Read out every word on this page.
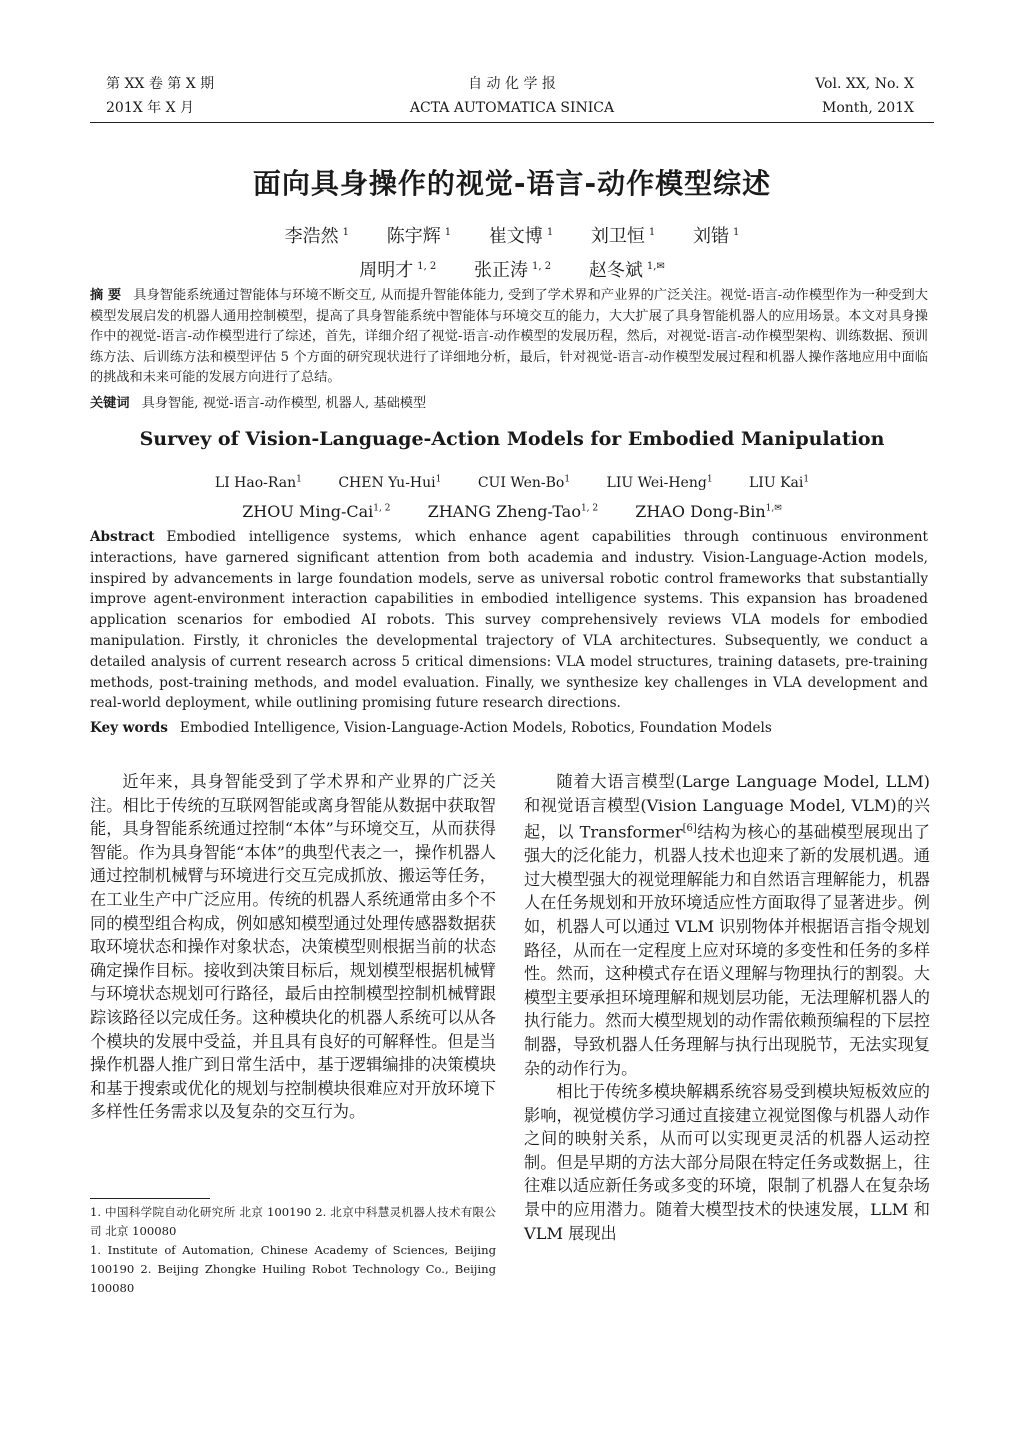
第 XX 卷 第 X 期
201X 年 X 月
自 动 化 学 报
ACTA AUTOMATICA SINICA
Vol. XX, No. X
Month, 201X
面向具身操作的视觉-语言-动作模型综述
李浩然 $^1$ 陈宇辉 $^1$ 崔文博 $^1$ 刘卫恒 $^1$ 刘锴 $^1$
周明才 $^{1, 2}$ 张正涛 $^{1, 2}$ 赵冬斌 $^{1,✉}$
摘 要 具身智能系统通过智能体与环境不断交互, 从而提升智能体能力, 受到了学术界和产业界的广泛关注。视觉-语言-动作模型作为一种受到大模型发展启发的机器人通用控制模型，提高了具身智能系统中智能体与环境交互的能力，大大扩展了具身智能机器人的应用场景。本文对具身操作中的视觉-语言-动作模型进行了综述，首先，详细介绍了视觉-语言-动作模型的发展历程，然后，对视觉-语言-动作模型架构、训练数据、预训练方法、后训练方法和模型评估 5 个方面的研究现状进行了详细地分析，最后，针对视觉-语言-动作模型发展过程和机器人操作落地应用中面临的挑战和未来可能的发展方向进行了总结。
关键词 具身智能, 视觉-语言-动作模型, 机器人, 基础模型
Survey of Vision-Language-Action Models for Embodied Manipulation
LI Hao-Ran$^1$	CHEN Yu-Hui$^1$	CUI Wen-Bo$^1$	LIU Wei-Heng$^1$	LIU Kai$^1$
ZHOU Ming-Cai$^{1, 2}$ ZHANG Zheng-Tao$^{1, 2}$ ZHAO Dong-Bin$^{1,✉}$
Abstract Embodied intelligence systems, which enhance agent capabilities through continuous environment interactions, have garnered significant attention from both academia and industry. Vision-Language-Action models, inspired by advancements in large foundation models, serve as universal robotic control frameworks that substantially improve agent-environment interaction capabilities in embodied intelligence systems. This expansion has broadened application scenarios for embodied AI robots. This survey comprehensively reviews VLA models for embodied manipulation. Firstly, it chronicles the developmental trajectory of VLA architectures. Subsequently, we conduct a detailed analysis of current research across 5 critical dimensions: VLA model structures, training datasets, pre-training methods, post-training methods, and model evaluation. Finally, we synthesize key challenges in VLA development and real-world deployment, while outlining promising future research directions.
Key words Embodied Intelligence, Vision-Language-Action Models, Robotics, Foundation Models

近年来，具身智能受到了学术界和产业界的广泛关注。相比于传统的互联网智能或离身智能从数据中获取智能，具身智能系统通过控制“本体”与环境交互，从而获得智能。作为具身智能“本体”的典型代表之一，操作机器人通过控制机械臂与环境进行交互完成抓放、搬运等任务，在工业生产中广泛应用。传统的机器人系统通常由多个不同的模型组合构成，例如感知模型通过处理传感器数据获取环境状态和操作对象状态，决策模型则根据当前的状态确定操作目标。接收到决策目标后，规划模型根据机械臂与环境状态规划可行路径，最后由控制模型控制机械臂跟踪该路径以完成任务。这种模块化的机器人系统可以从各个模块的发展中受益，并且具有良好的可解释性。但是当操作机器人推广到日常生活中，基于逻辑编排的决策模块和基于搜索或优化的规划与控制模块很难应对开放环境下多样性任务需求以及复杂的交互行为。

1. 中国科学院自动化研究所 北京 100190 2. 北京中科慧灵机器人技术有限公司 北京 100080

1. Institute of Automation, Chinese Academy of Sciences, Beijing 100190 2. Beijing Zhongke Huiling Robot Technology Co., Beijing 100080

随着大语言模型(Large Language Model, LLM)和视觉语言模型(Vision Language Model, VLM)的兴起，以 Transformer[6]结构为核心的基础模型展现出了强大的泛化能力，机器人技术也迎来了新的发展机遇。通过大模型强大的视觉理解能力和自然语言理解能力，机器人在任务规划和开放环境适应性方面取得了显著进步。例如，机器人可以通过 VLM 识别物体并根据语言指令规划路径，从而在一定程度上应对环境的多变性和任务的多样性。然而，这种模式存在语义理解与物理执行的割裂。大模型主要承担环境理解和规划层功能，无法理解机器人的执行能力。然而大模型规划的动作需依赖预编程的下层控制器，导致机器人任务理解与执行出现脱节，无法实现复杂的动作行为。

相比于传统多模块解耦系统容易受到模块短板效应的影响，视觉模仿学习通过直接建立视觉图像与机器人动作之间的映射关系，从而可以实现更灵活的机器人运动控制。但是早期的方法大部分局限在特定任务或数据上，往往难以适应新任务或多变的环境，限制了机器人在复杂场景中的应用潜力。随着大模型技术的快速发展，LLM 和 VLM 展现出
